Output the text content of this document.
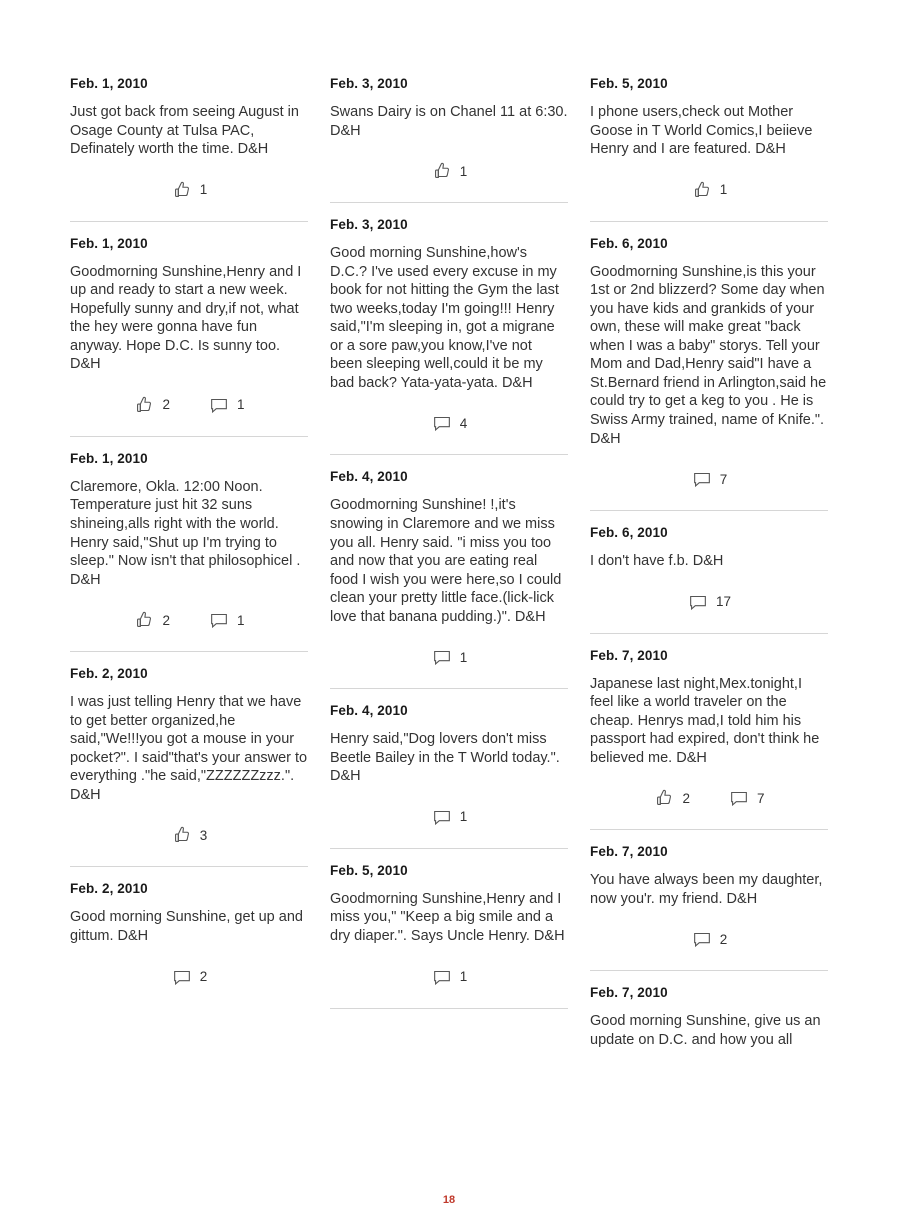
Feb. 1, 2010
Just got back from seeing August in Osage County at Tulsa PAC, Definately worth the time. D&H
1
Feb. 1, 2010
Goodmorning Sunshine,Henry and I up and ready to start a new week. Hopefully sunny and dry,if not, what the hey were gonna have fun anyway. Hope D.C. Is sunny too. D&H
2	1
Feb. 1, 2010
Claremore, Okla. 12:00 Noon. Temperature just hit 32 suns shineing,alls right with the world. Henry said,"Shut up I'm trying to sleep." Now isn't that philosophicel . D&H
2	1
Feb. 2, 2010
I was just telling Henry that we have to get better organized,he said,"We!!!you got a mouse in your pocket?". I said"that's your answer to everything ."he said,"ZZZZZZzzz.". D&H
3
Feb. 2, 2010
Good morning Sunshine, get up and gittum. D&H
2
Feb. 3, 2010
Swans Dairy is on Chanel 11 at 6:30. D&H
1
Feb. 3, 2010
Good morning Sunshine,how's D.C.? I've used every excuse in my book for not hitting the Gym the last two weeks,today I'm going!!! Henry said,"I'm sleeping in, got a migrane or a sore paw,you know,I've not been sleeping well,could it be my bad back? Yata-yata-yata. D&H
4
Feb. 4, 2010
Goodmorning Sunshine! !,it's snowing in Claremore and we miss you all. Henry said. "i miss you too and now that you are eating real food I wish you were here,so I could clean your pretty little face.(lick-lick love that banana pudding.)". D&H
1
Feb. 4, 2010
Henry said,"Dog lovers don't miss Beetle Bailey in the T World today.". D&H
1
Feb. 5, 2010
Goodmorning Sunshine,Henry and I miss you," "Keep a big smile and a dry diaper.". Says Uncle Henry. D&H
1
Feb. 5, 2010
I phone users,check out Mother Goose in T World Comics,I beiieve Henry and I are featured. D&H
1
Feb. 6, 2010
Goodmorning Sunshine,is this your 1st or 2nd blizzerd? Some day when you have kids and grankids of your own, these will make great "back when I was a baby" storys. Tell your Mom and Dad,Henry said"I have a St.Bernard friend in Arlington,said he could try to get a keg to you . He is Swiss Army trained, name of Knife.". D&H
7
Feb. 6, 2010
I don't have f.b. D&H
17
Feb. 7, 2010
Japanese last night,Mex.tonight,I feel like a world traveler on the cheap. Henrys mad,I told him his passport had expired, don't think he believed me. D&H
2	7
Feb. 7, 2010
You have always been my daughter, now you'r. my friend. D&H
2
Feb. 7, 2010
Good morning Sunshine, give us an update on D.C. and how you all
18
